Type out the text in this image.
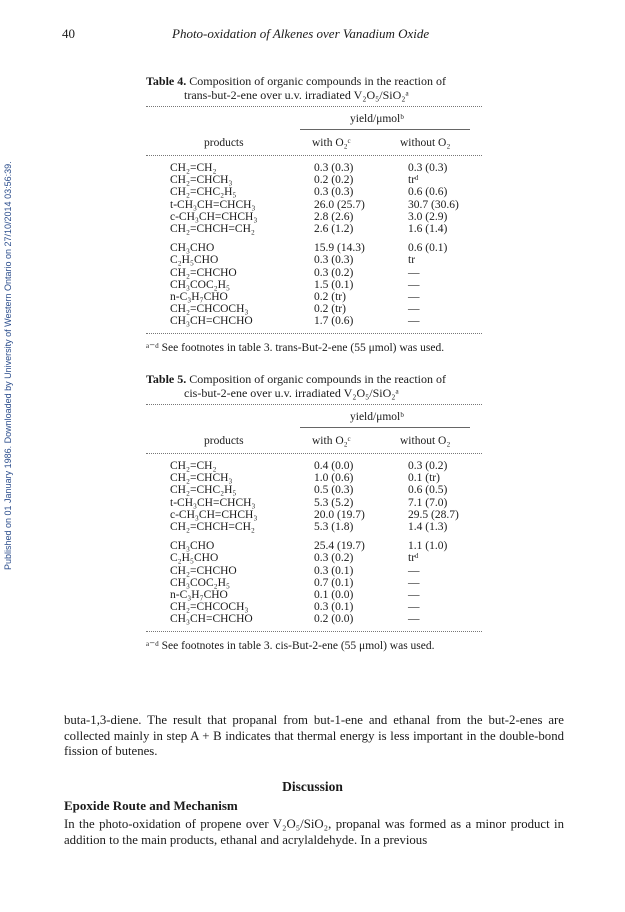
40	Photo-oxidation of Alkenes over Vanadium Oxide
Published on 01 January 1986. Downloaded by University of Western Ontario on 27/10/2014 03:56:39.
Table 4. Composition of organic compounds in the reaction of
trans-but-2-ene over u.v. irradiated V₂O₅/SiO₂ᵃ
yield/μmolᵇ
products	with O₂ᶜ	without O₂
CH₂=CH₂	0.3 (0.3)	0.3 (0.3)
CH₂=CHCH₃	0.2 (0.2)	trᵈ
CH₂=CHC₂H₅	0.3 (0.3)	0.6 (0.6)
t-CH₃CH=CHCH₃	26.0 (25.7)	30.7 (30.6)
c-CH₃CH=CHCH₃	2.8 (2.6)	3.0 (2.9)
CH₂=CHCH=CH₂	2.6 (1.2)	1.6 (1.4)
CH₃CHO	15.9 (14.3)	0.6 (0.1)
C₂H₅CHO	0.3 (0.3)	tr
CH₂=CHCHO	0.3 (0.2)	—
CH₃COC₂H₅	1.5 (0.1)	—
n-C₃H₇CHO	0.2 (tr)	—
CH₂=CHCOCH₃	0.2 (tr)	—
CH₃CH=CHCHO	1.7 (0.6)	—
ᵃ⁻ᵈ See footnotes in table 3. trans-But-2-ene (55 μmol) was used.
Table 5. Composition of organic compounds in the reaction of
cis-but-2-ene over u.v. irradiated V₂O₅/SiO₂ᵃ
yield/μmolᵇ
products	with O₂ᶜ	without O₂
CH₂=CH₂	0.4 (0.0)	0.3 (0.2)
CH₂=CHCH₃	1.0 (0.6)	0.1 (tr)
CH₂=CHC₂H₅	0.5 (0.3)	0.6 (0.5)
t-CH₃CH=CHCH₃	5.3 (5.2)	7.1 (7.0)
c-CH₃CH=CHCH₃	20.0 (19.7)	29.5 (28.7)
CH₂=CHCH=CH₂	5.3 (1.8)	1.4 (1.3)
CH₃CHO	25.4 (19.7)	1.1 (1.0)
C₂H₅CHO	0.3 (0.2)	trᵈ
CH₂=CHCHO	0.3 (0.1)	—
CH₃COC₂H₅	0.7 (0.1)	—
n-C₃H₇CHO	0.1 (0.0)	—
CH₂=CHCOCH₃	0.3 (0.1)	—
CH₃CH=CHCHO	0.2 (0.0)	—
ᵃ⁻ᵈ See footnotes in table 3. cis-But-2-ene (55 μmol) was used.
buta-1,3-diene. The result that propanal from but-1-ene and ethanal from the but-2-enes are collected mainly in step A + B indicates that thermal energy is less important in the double-bond fission of butenes.
Discussion
Epoxide Route and Mechanism
In the photo-oxidation of propene over V₂O₅/SiO₂, propanal was formed as a minor product in addition to the main products, ethanal and acrylaldehyde. In a previous
